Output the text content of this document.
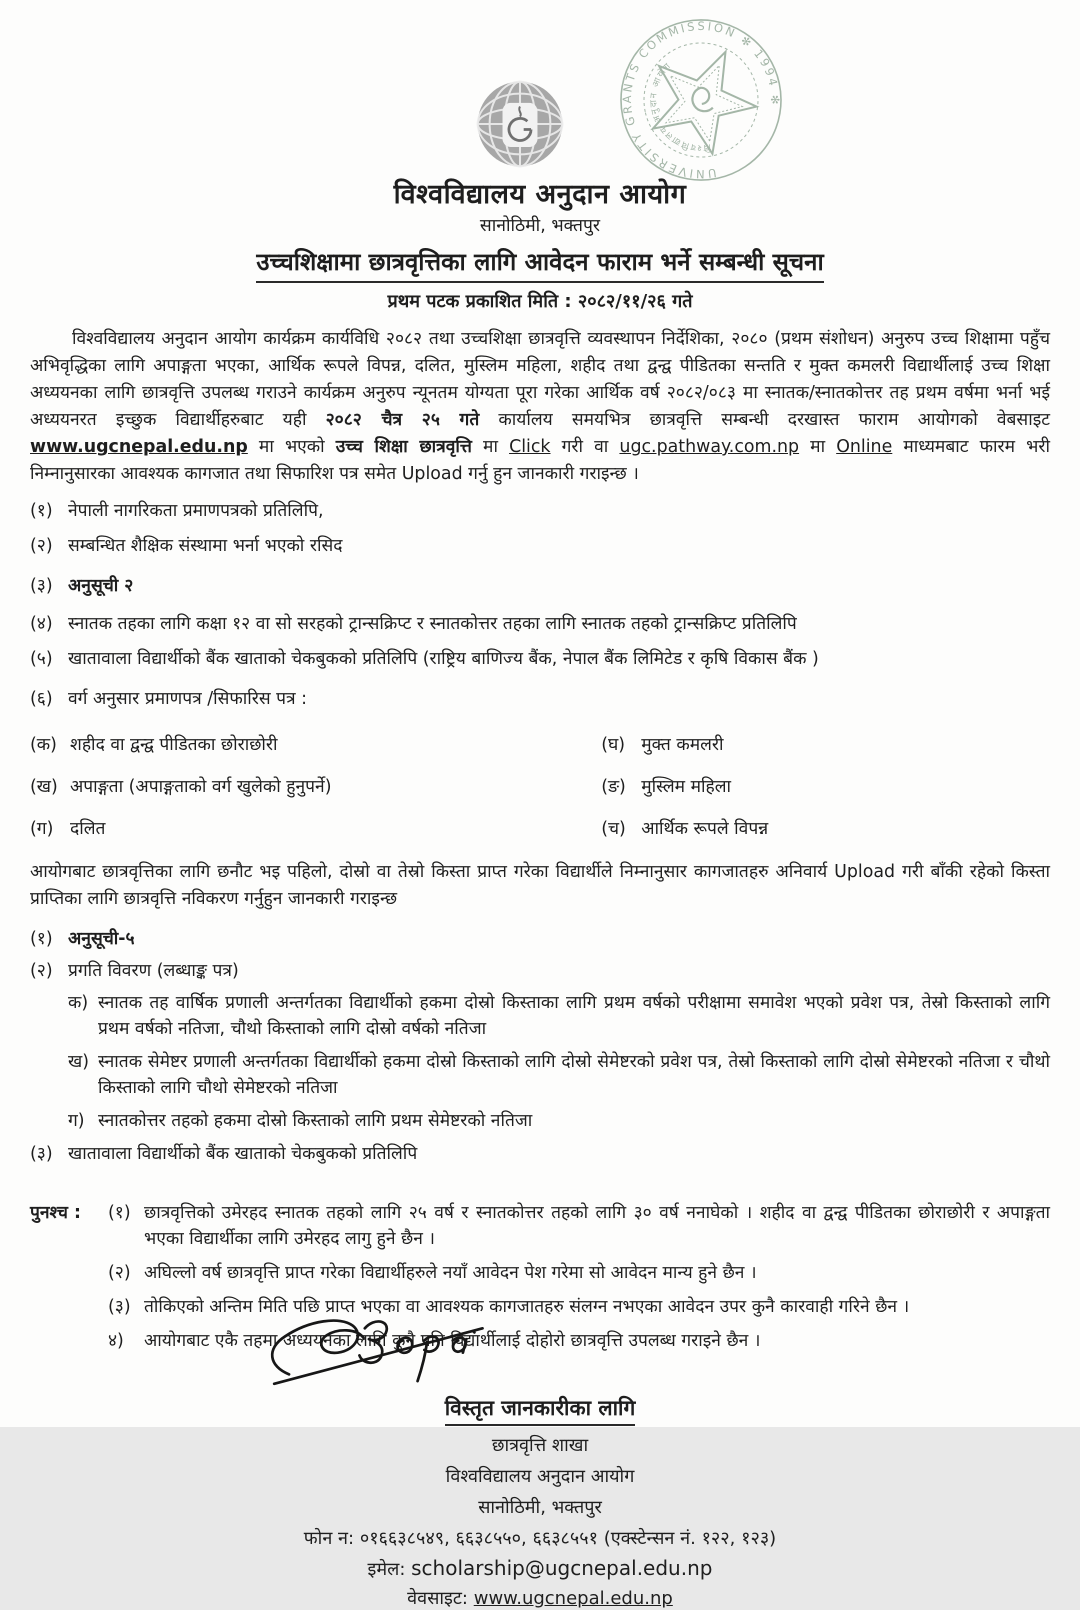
UNIVERSITY GRANTS COMMISSION ✻ 1994 ✻
विश्वविद्यालय अनुदान आयोग
विश्वविद्यालय अनुदान आयोग
सानोठिमी, भक्तपुर
उच्चशिक्षामा छात्रवृत्तिका लागि आवेदन फाराम भर्ने सम्बन्धी सूचना
प्रथम पटक प्रकाशित मिति : २०८२/११/२६ गते

विश्वविद्यालय अनुदान आयोग कार्यक्रम कार्यविधि २०८२ तथा उच्चशिक्षा छात्रवृत्ति व्यवस्थापन निर्देशिका, २०८० (प्रथम संशोधन) अनुरुप उच्च शिक्षामा पहुँच अभिवृद्धिका लागि अपाङ्गता भएका, आर्थिक रूपले विपन्न, दलित, मुस्लिम महिला, शहीद तथा द्वन्द्व पीडितका सन्तति र मुक्त कमलरी विद्यार्थीलाई उच्च शिक्षा अध्ययनका लागि छात्रवृत्ति उपलब्ध गराउने कार्यक्रम अनुरुप न्यूनतम योग्यता पूरा गरेका आर्थिक वर्ष २०८२/०८३ मा स्नातक/स्नातकोत्तर तह प्रथम वर्षमा भर्ना भई अध्ययनरत इच्छुक विद्यार्थीहरुबाट यही २०८२ चैत्र २५ गते कार्यालय समयभित्र छात्रवृत्ति सम्बन्धी दरखास्त फाराम आयोगको वेबसाइट www.ugcnepal.edu.np मा भएको उच्च शिक्षा छात्रवृत्ति मा Click गरी वा ugc.pathway.com.np मा Online माध्यमबाट फारम भरी निम्नानुसारका आवश्यक कागजात तथा सिफारिश पत्र समेत Upload गर्नु हुन जानकारी गराइन्छ ।

(१) नेपाली नागरिकता प्रमाणपत्रको प्रतिलिपि,
(२) सम्बन्धित शैक्षिक संस्थामा भर्ना भएको रसिद
(३) अनुसूची २
(४) स्नातक तहका लागि कक्षा १२ वा सो सरहको ट्रान्सक्रिप्ट र स्नातकोत्तर तहका लागि स्नातक तहको ट्रान्सक्रिप्ट प्रतिलिपि
(५) खातावाला विद्यार्थीको बैंक खाताको चेकबुकको प्रतिलिपि (राष्ट्रिय बाणिज्य बैंक, नेपाल बैंक लिमिटेड र कृषि विकास बैंक )
(६) वर्ग अनुसार प्रमाणपत्र /सिफारिस पत्र :
(क) शहीद वा द्वन्द्व पीडितका छोराछोरी
(ख) अपाङ्गता (अपाङ्गताको वर्ग खुलेको हुनुपर्ने)
(ग) दलित
(घ) मुक्त कमलरी
(ङ) मुस्लिम महिला
(च) आर्थिक रूपले विपन्न

आयोगबाट छात्रवृत्तिका लागि छनौट भइ पहिलो, दोस्रो वा तेस्रो किस्ता प्राप्त गरेका विद्यार्थीले निम्नानुसार कागजातहरु अनिवार्य Upload गरी बाँकी रहेको किस्ता प्राप्तिका लागि छात्रवृत्ति नविकरण गर्नुहुन जानकारी गराइन्छ

(१) अनुसूची-५
(२) प्रगति विवरण (लब्धाङ्क पत्र)
क) स्नातक तह वार्षिक प्रणाली अन्तर्गतका विद्यार्थीको हकमा दोस्रो किस्ताका लागि प्रथम वर्षको परीक्षामा समावेश भएको प्रवेश पत्र, तेस्रो किस्ताको लागि प्रथम वर्षको नतिजा, चौथो किस्ताको लागि दोस्रो वर्षको नतिजा
ख) स्नातक सेमेष्टर प्रणाली अन्तर्गतका विद्यार्थीको हकमा दोस्रो किस्ताको लागि दोस्रो सेमेष्टरको प्रवेश पत्र, तेस्रो किस्ताको लागि दोस्रो सेमेष्टरको नतिजा र चौथो किस्ताको लागि चौथो सेमेष्टरको नतिजा
ग) स्नातकोत्तर तहको हकमा दोस्रो किस्ताको लागि प्रथम सेमेष्टरको नतिजा
(३) खातावाला विद्यार्थीको बैंक खाताको चेकबुकको प्रतिलिपि
पुनश्च :	(१) छात्रवृत्तिको उमेरहद स्नातक तहको लागि २५ वर्ष र स्नातकोत्तर तहको लागि ३० वर्ष ननाघेको । शहीद वा द्वन्द्व पीडितका छोराछोरी र अपाङ्गता भएका विद्यार्थीका लागि उमेरहद लागु हुने छैन ।
(२) अघिल्लो वर्ष छात्रवृत्ति प्राप्त गरेका विद्यार्थीहरुले नयाँ आवेदन पेश गरेमा सो आवेदन मान्य हुने छैन ।
(३) तोकिएको अन्तिम मिति पछि प्राप्त भएका वा आवश्यक कागजातहरु संलग्न नभएका आवेदन उपर कुनै कारवाही गरिने छैन ।
४)	आयोगबाट एकै तहमा अध्ययनका लागि कुनै पनि विद्यार्थीलाई दोहोरो छात्रवृत्ति उपलब्ध गराइने छैन ।
विस्तृत जानकारीका लागि
छात्रवृत्ति शाखा
विश्वविद्यालय अनुदान आयोग
सानोठिमी, भक्तपुर
फोन न: ०१६६३८५४९, ६६३८५५०, ६६३८५५१ (एक्स्टेन्सन नं. १२२, १२३)
इमेल: scholarship@ugcnepal.edu.np
वेवसाइट: www.ugcnepal.edu.np
